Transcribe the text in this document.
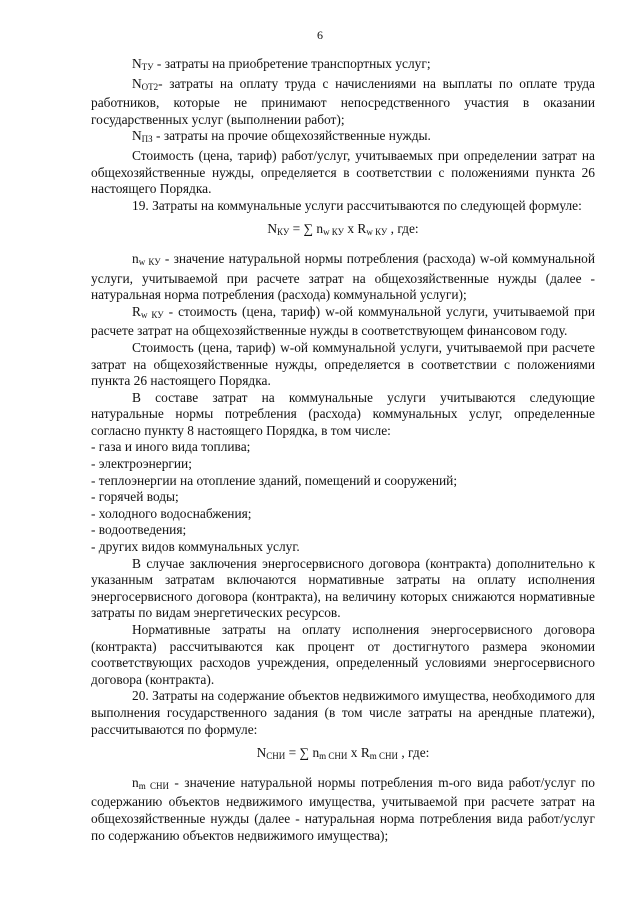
6

$N_{ТУ}$ - затраты на приобретение транспортных услуг;

$N_{ОТ2}-$ затраты на оплату труда с начислениями на выплаты по оплате труда работников, которые не принимают непосредственного участия в оказании государственных услуг (выполнении работ);

$N_{ПЗ}$ - затраты на прочие общехозяйственные нужды.

Стоимость (цена, тариф) работ/услуг, учитываемых при определении затрат на общехозяйственные нужды, определяется в соответствии с положениями пункта 26 настоящего Порядка.

19. Затраты на коммунальные услуги рассчитываются по следующей формуле:

$N_{КУ}$ = ∑ $n_{w КУ}$ x $R_{w КУ}$ , где:

$n_{w КУ}$ - значение натуральной нормы потребления (расхода) w-ой коммунальной услуги, учитываемой при расчете затрат на общехозяйственные нужды (далее - натуральная норма потребления (расхода) коммунальной услуги);

$R_{w КУ}$ - стоимость (цена, тариф) w-ой коммунальной услуги, учитываемой при расчете затрат на общехозяйственные нужды в соответствующем финансовом году.

Стоимость (цена, тариф) w-ой коммунальной услуги, учитываемой при расчете затрат на общехозяйственные нужды, определяется в соответствии с положениями пункта 26 настоящего Порядка.

В составе затрат на коммунальные услуги учитываются следующие натуральные нормы потребления (расхода) коммунальных услуг, определенные согласно пункту 8 настоящего Порядка, в том числе:

- газа и иного вида топлива;

- электроэнергии;

- теплоэнергии на отопление зданий, помещений и сооружений;

- горячей воды;

- холодного водоснабжения;

- водоотведения;

- других видов коммунальных услуг.

В случае заключения энергосервисного договора (контракта) дополнительно к указанным затратам включаются нормативные затраты на оплату исполнения энергосервисного договора (контракта), на величину которых снижаются нормативные затраты по видам энергетических ресурсов.

Нормативные затраты на оплату исполнения энергосервисного договора (контракта) рассчитываются как процент от достигнутого размера экономии соответствующих расходов учреждения, определенный условиями энергосервисного договора (контракта).

20. Затраты на содержание объектов недвижимого имущества, необходимого для выполнения государственного задания (в том числе затраты на арендные платежи), рассчитываются по формуле:

$N_{СНИ}$ = ∑ $n_{m СНИ}$ x $R_{m СНИ}$ , где:

$n_{m СНИ}$ - значение натуральной нормы потребления m-ого вида работ/услуг по содержанию объектов недвижимого имущества, учитываемой при расчете затрат на общехозяйственные нужды (далее - натуральная норма потребления вида работ/услуг по содержанию объектов недвижимого имущества);
